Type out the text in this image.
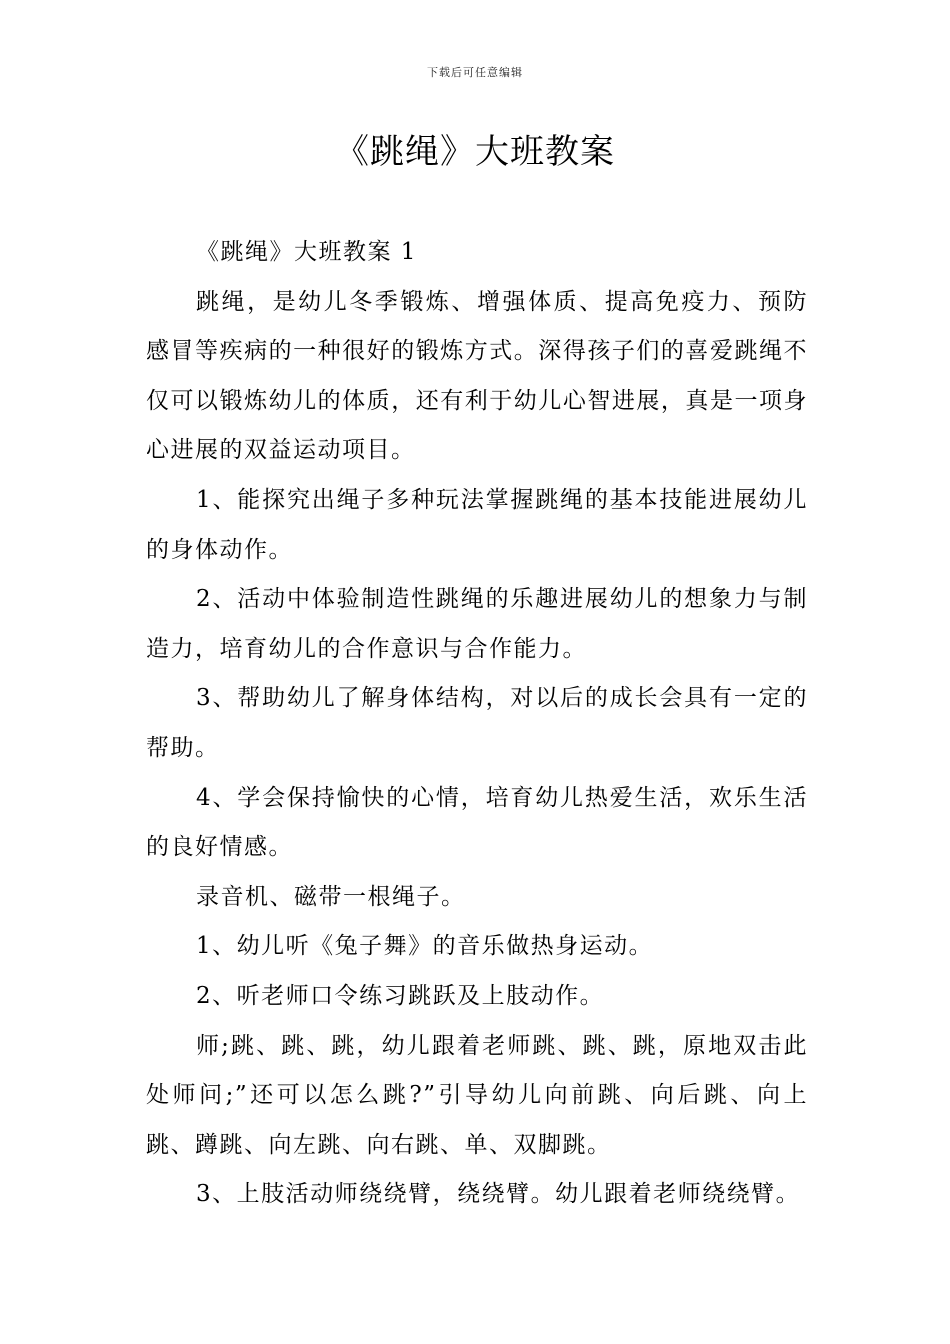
下载后可任意编辑
《跳绳》大班教案

《跳绳》大班教案 1

跳绳，是幼儿冬季锻炼、增强体质、提高免疫力、预防感冒等疾病的一种很好的锻炼方式。深得孩子们的喜爱跳绳不仅可以锻炼幼儿的体质，还有利于幼儿心智进展，真是一项身心进展的双益运动项目。

1、能探究出绳子多种玩法掌握跳绳的基本技能进展幼儿的身体动作。

2、活动中体验制造性跳绳的乐趣进展幼儿的想象力与制造力，培育幼儿的合作意识与合作能力。

3、帮助幼儿了解身体结构，对以后的成长会具有一定的帮助。

4、学会保持愉快的心情，培育幼儿热爱生活，欢乐生活的良好情感。

录音机、磁带一根绳子。

1、幼儿听《兔子舞》的音乐做热身运动。

2、听老师口令练习跳跃及上肢动作。

师;跳、跳、跳，幼儿跟着老师跳、跳、跳，原地双击此处师问;”还可以怎么跳?”引导幼儿向前跳、向后跳、向上跳、蹲跳、向左跳、向右跳、单、双脚跳。

3、上肢活动师绕绕臂，绕绕臂。幼儿跟着老师绕绕臂。
